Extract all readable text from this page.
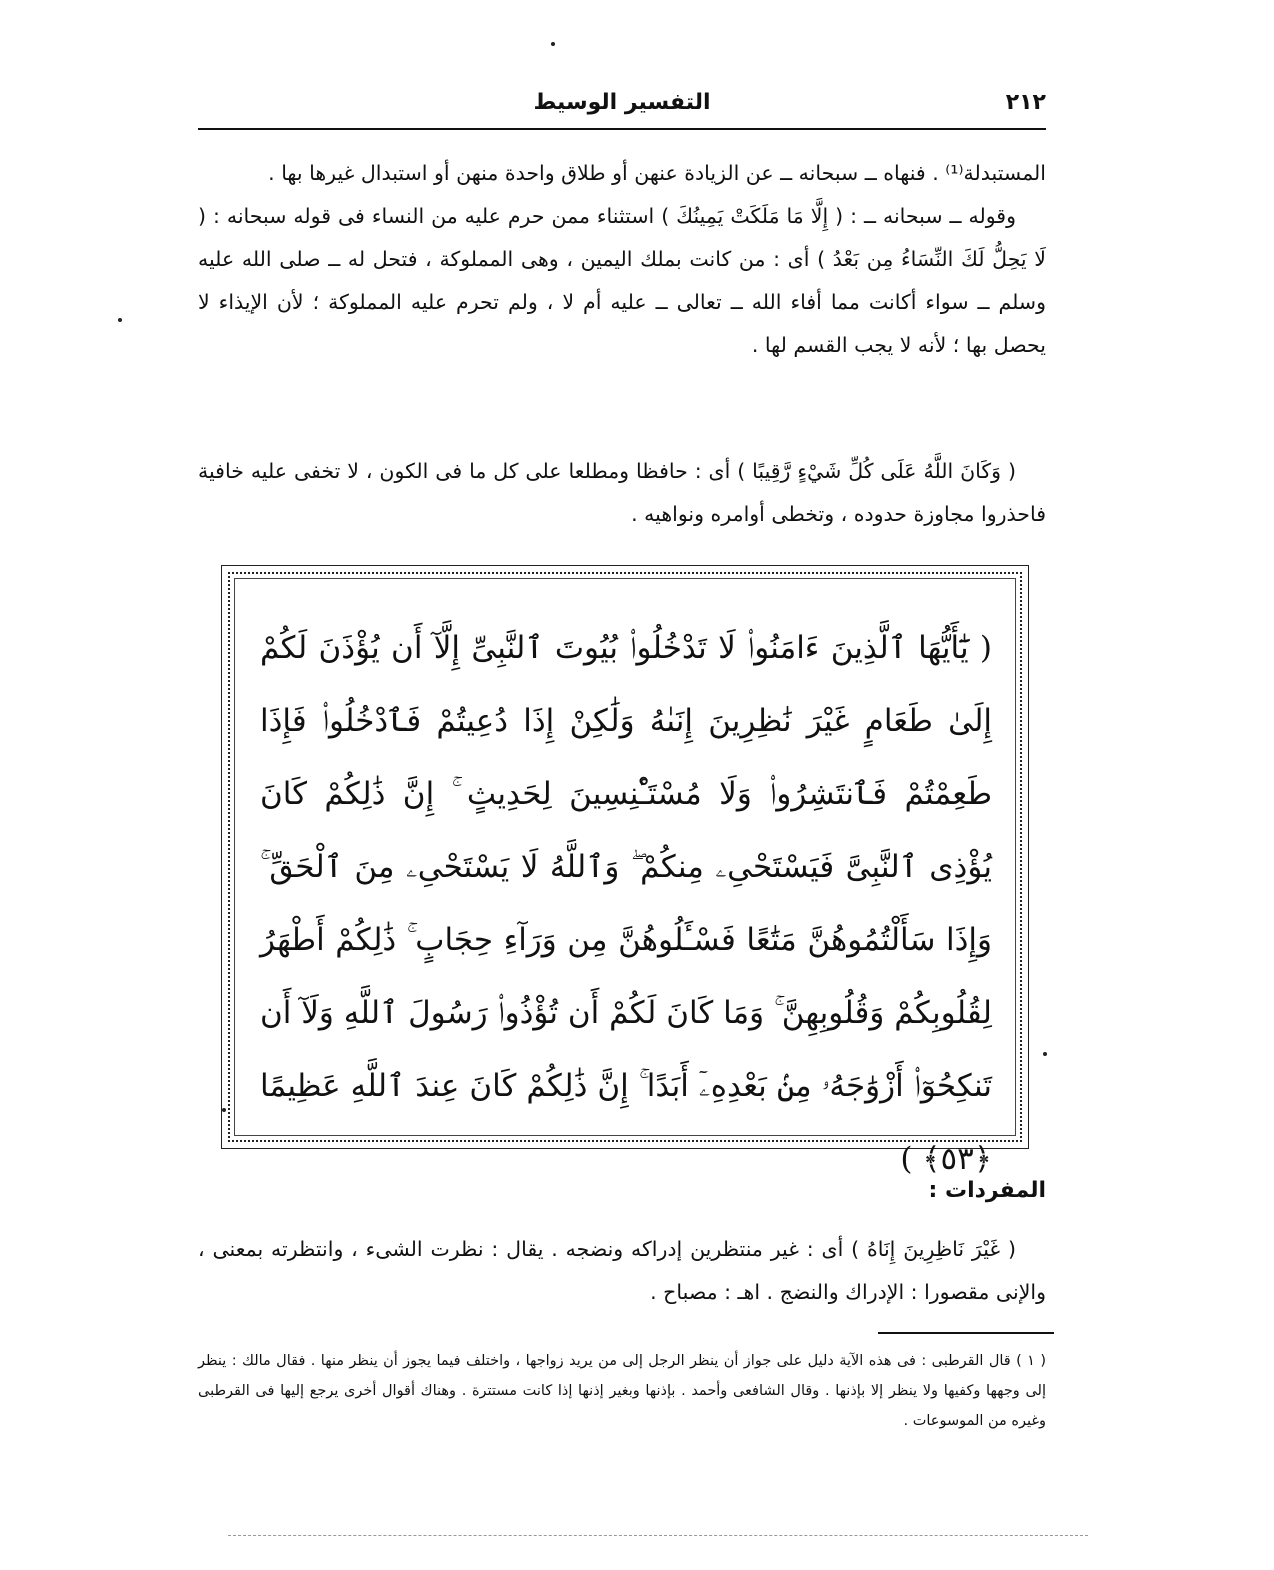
٢١٢
التفسير الوسيط

المستبدلة⁽¹⁾ . فنهاه ــ سبحانه ــ عن الزيادة عنهن أو طلاق واحدة منهن أو استبدال غيرها بها .

وقوله ــ سبحانه ــ : ( إِلَّا مَا مَلَكَتْ يَمِينُكَ ) استثناء ممن حرم عليه من النساء فى قوله سبحانه : ( لَا يَحِلُّ لَكَ النِّسَاءُ مِن بَعْدُ ) أى : من كانت بملك اليمين ، وهى المملوكة ، فتحل له ــ صلى الله عليه وسلم ــ سواء أكانت مما أفاء الله ــ تعالى ــ عليه أم لا ، ولم تحرم عليه المملوكة ؛ لأن الإيذاء لا يحصل بها ؛ لأنه لا يجب القسم لها .

( وَكَانَ اللَّهُ عَلَى كُلِّ شَيْءٍ رَّقِيبًا ) أى : حافظا ومطلعا على كل ما فى الكون ، لا تخفى عليه خافية فاحذروا مجاوزة حدوده ، وتخطى أوامره ونواهيه .

( يَٰٓأَيُّهَا ٱلَّذِينَ ءَامَنُوا۟ لَا تَدْخُلُوا۟ بُيُوتَ ٱلنَّبِىِّ إِلَّآ أَن يُؤْذَنَ لَكُمْ إِلَىٰ طَعَامٍ غَيْرَ نَٰظِرِينَ إِنَىٰهُ وَلَٰكِنْ إِذَا دُعِيتُمْ فَٱدْخُلُوا۟ فَإِذَا طَعِمْتُمْ فَٱنتَشِرُوا۟ وَلَا مُسْتَـْٔنِسِينَ لِحَدِيثٍ ۚ إِنَّ ذَٰلِكُمْ كَانَ يُؤْذِى ٱلنَّبِىَّ فَيَسْتَحْىِۦ مِنكُمْ ۖ وَٱللَّهُ لَا يَسْتَحْىِۦ مِنَ ٱلْحَقِّ ۚ وَإِذَا سَأَلْتُمُوهُنَّ مَتَٰعًا فَسْـَٔلُوهُنَّ مِن وَرَآءِ حِجَابٍ ۚ ذَٰلِكُمْ أَطْهَرُ لِقُلُوبِكُمْ وَقُلُوبِهِنَّ ۚ وَمَا كَانَ لَكُمْ أَن تُؤْذُوا۟ رَسُولَ ٱللَّهِ وَلَآ أَن تَنكِحُوٓا۟ أَزْوَٰجَهُۥ مِنۢ بَعْدِهِۦٓ أَبَدًا ۚ إِنَّ ذَٰلِكُمْ كَانَ عِندَ ٱللَّهِ عَظِيمًا ﴿٥٣﴾ )
المفردات :

( غَيْرَ نَاظِرِينَ إِنَاهُ ) أى : غير منتظرين إدراكه ونضجه . يقال : نظرت الشىء ، وانتظرته بمعنى ، والإنى مقصورا : الإدراك والنضج . اهـ : مصباح .

( ١ ) قال القرطبى : فى هذه الآية دليل على جواز أن ينظر الرجل إلى من يريد زواجها ، واختلف فيما يجوز أن ينظر منها . فقال مالك : ينظر إلى وجهها وكفيها ولا ينظر إلا بإذنها . وقال الشافعى وأحمد . بإذنها وبغير إذنها إذا كانت مستترة . وهناك أقوال أخرى يرجع إليها فى القرطبى وغيره من الموسوعات .
